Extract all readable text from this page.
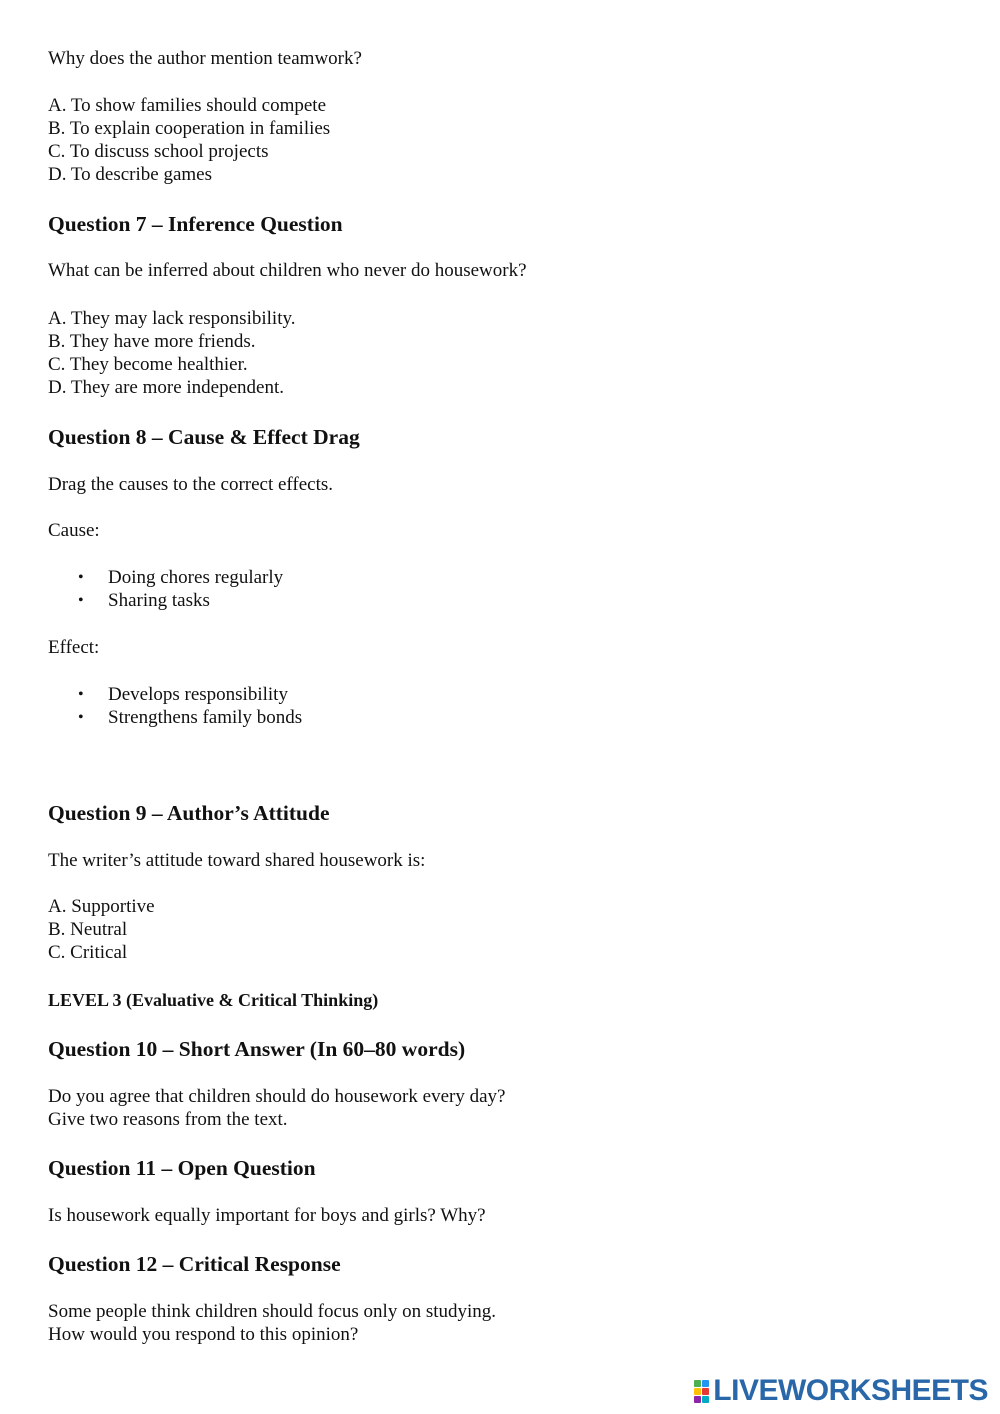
Why does the author mention teamwork?
A. To show families should compete
B. To explain cooperation in families
C. To discuss school projects
D. To describe games
Question 7 – Inference Question
What can be inferred about children who never do housework?
A. They may lack responsibility.
B. They have more friends.
C. They become healthier.
D. They are more independent.
Question 8 – Cause & Effect Drag
Drag the causes to the correct effects.
Cause:
• Doing chores regularly
• Sharing tasks
Effect:
• Develops responsibility
• Strengthens family bonds
Question 9 – Author’s Attitude
The writer’s attitude toward shared housework is:
A. Supportive
B. Neutral
C. Critical
LEVEL 3 (Evaluative & Critical Thinking)
Question 10 – Short Answer (In 60–80 words)
Do you agree that children should do housework every day?
Give two reasons from the text.
Question 11 – Open Question
Is housework equally important for boys and girls? Why?
Question 12 – Critical Response
Some people think children should focus only on studying.
How would you respond to this opinion?
LIVEWORKSHEETS
